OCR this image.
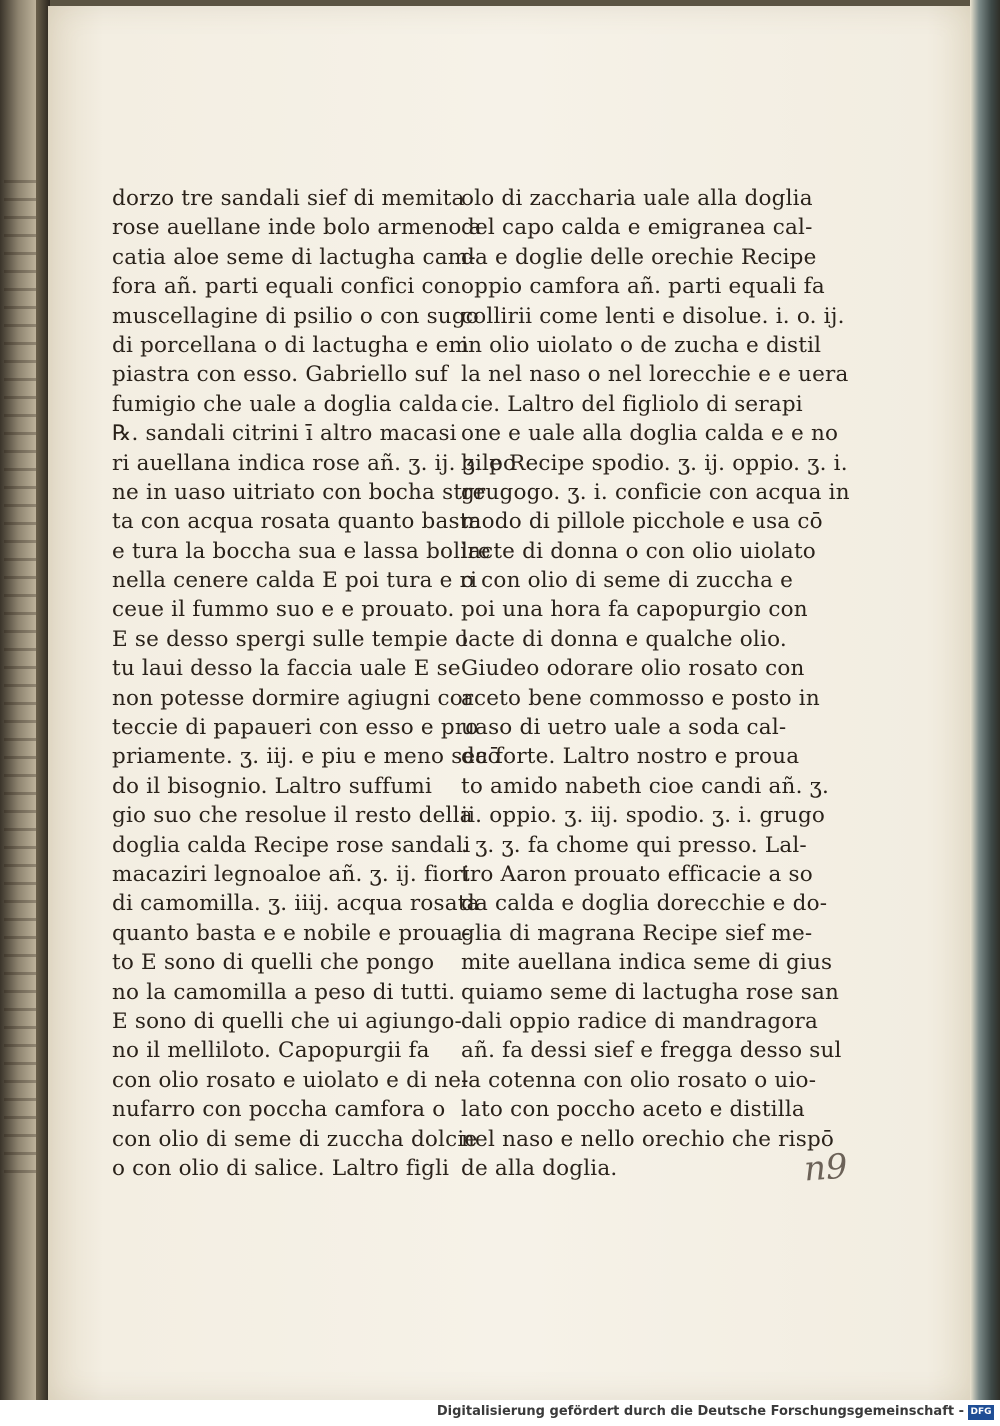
dorzo tre sandali sief di memita
rose auellane inde bolo armeno a
catia aloe seme di lactugha cam-
fora añ. parti equali confici con
muscellagine di psilio o con sugo
di porcellana o di lactugha e em
piastra con esso. Gabriello suf
fumigio che uale a doglia calda
℞. sandali citrini ī altro macasi
ri auellana indica rose añ. ʒ. ij. ʒ. po
ne in uaso uitriato con bocha stre
ta con acqua rosata quanto basta
e tura la boccha sua e lassa bolire
nella cenere calda E poi tura e ri
ceue il fummo suo e e prouato.
E se desso spergi sulle tempie o
tu laui desso la faccia uale E se
non potesse dormire agiugni cor
teccie di papaueri con esso e pro
priamente. ʒ. iij. e piu e meno secō
do il bisognio. Laltro suffumi
gio suo che resolue il resto della
doglia calda Recipe rose sandali
macaziri legnoaloe añ. ʒ. ij. fiori
di camomilla. ʒ. iiij. acqua rosata
quanto basta e e nobile e proua-
to E sono di quelli che pongo
no la camomilla a peso di tutti.
E sono di quelli che ui agiungo-
no il melliloto. Capopurgii fa
con olio rosato e uiolato e di ne-
nufarro con poccha camfora o
con olio di seme di zuccha dolcie
o con olio di salice. Laltro figli
olo di zaccharia uale alla doglia
del capo calda e emigranea cal-
da e doglie delle orechie Recipe
oppio camfora añ. parti equali fa
collirii come lenti e disolue. i. o. ij.
in olio uiolato o de zucha e distil
la nel naso o nel lorecchie e e uera
cie. Laltro del figliolo di serapi
one e uale alla doglia calda e e no
bile Recipe spodio. ʒ. ij. oppio. ʒ. i.
grugogo. ʒ. i. conficie con acqua in
modo di pillole picchole e usa cō
lacte di donna o con olio uiolato
o con olio di seme di zuccha e
poi una hora fa capopurgio con
lacte di donna e qualche olio.
Giudeo odorare olio rosato con
aceto bene commosso e posto in
uaso di uetro uale a soda cal-
da forte. Laltro nostro e proua
to amido nabeth cioe candi añ. ʒ.
ii. oppio. ʒ. iij. spodio. ʒ. i. grugo
. ʒ. ʒ. fa chome qui presso. Lal-
tro Aaron prouato efficacie a so
da calda e doglia dorecchie e do-
glia di magrana Recipe sief me-
mite auellana indica seme di gius
quiamo seme di lactugha rose san
dali oppio radice di mandragora
añ. fa dessi sief e fregga desso sul
la cotenna con olio rosato o uio-
lato con poccho aceto e distilla
nel naso e nello orechio che rispō
de alla doglia.	n9
Digitalisierung gefördert durch die Deutsche Forschungsgemeinschaft - DFG
